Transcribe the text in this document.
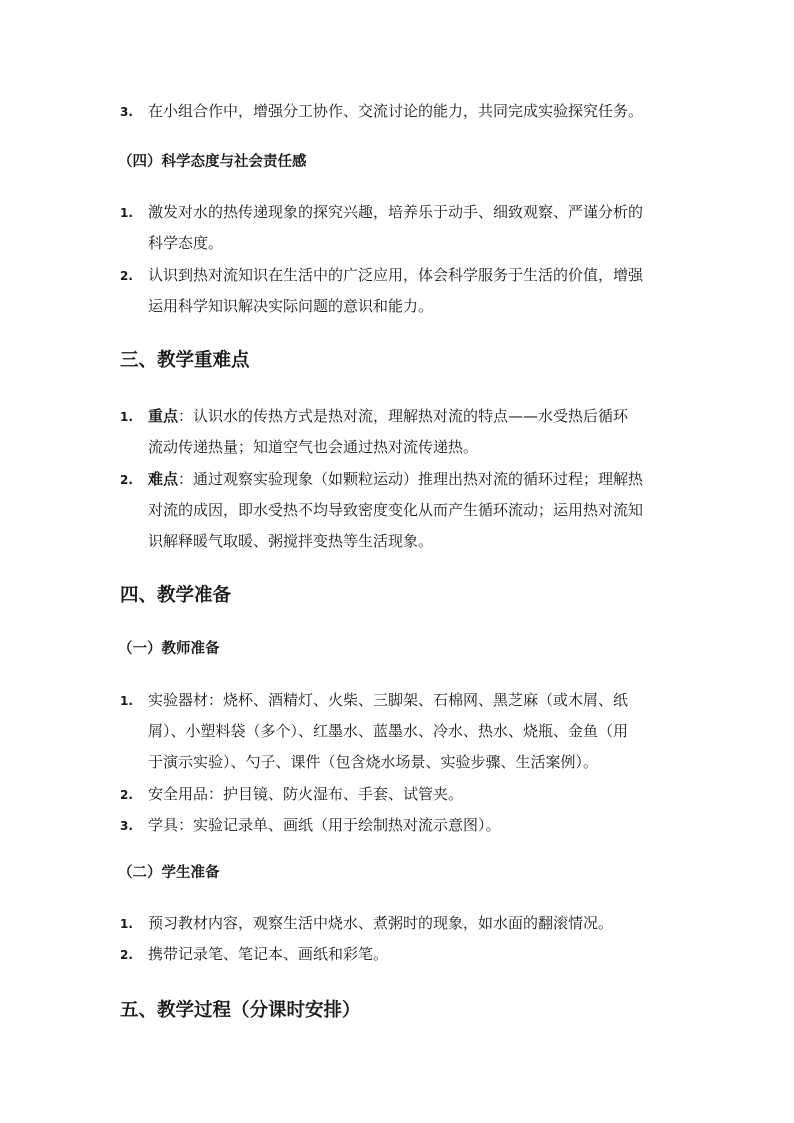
3. 在小组合作中，增强分工协作、交流讨论的能力，共同完成实验探究任务。
（四）科学态度与社会责任感
1. 激发对水的热传递现象的探究兴趣，培养乐于动手、细致观察、严谨分析的
科学态度。
2. 认识到热对流知识在生活中的广泛应用，体会科学服务于生活的价值，增强
运用科学知识解决实际问题的意识和能力。
三、教学重难点
1. 重点：认识水的传热方式是热对流，理解热对流的特点——水受热后循环
流动传递热量；知道空气也会通过热对流传递热。
2. 难点：通过观察实验现象（如颗粒运动）推理出热对流的循环过程；理解热
对流的成因，即水受热不均导致密度变化从而产生循环流动；运用热对流知
识解释暖气取暖、粥搅拌变热等生活现象。
四、教学准备
（一）教师准备
1. 实验器材：烧杯、酒精灯、火柴、三脚架、石棉网、黑芝麻（或木屑、纸
屑）、小塑料袋（多个）、红墨水、蓝墨水、冷水、热水、烧瓶、金鱼（用
于演示实验）、勺子、课件（包含烧水场景、实验步骤、生活案例）。
2. 安全用品：护目镜、防火湿布、手套、试管夹。
3. 学具：实验记录单、画纸（用于绘制热对流示意图）。
（二）学生准备
1. 预习教材内容，观察生活中烧水、煮粥时的现象，如水面的翻滚情况。
2. 携带记录笔、笔记本、画纸和彩笔。
五、教学过程（分课时安排）
